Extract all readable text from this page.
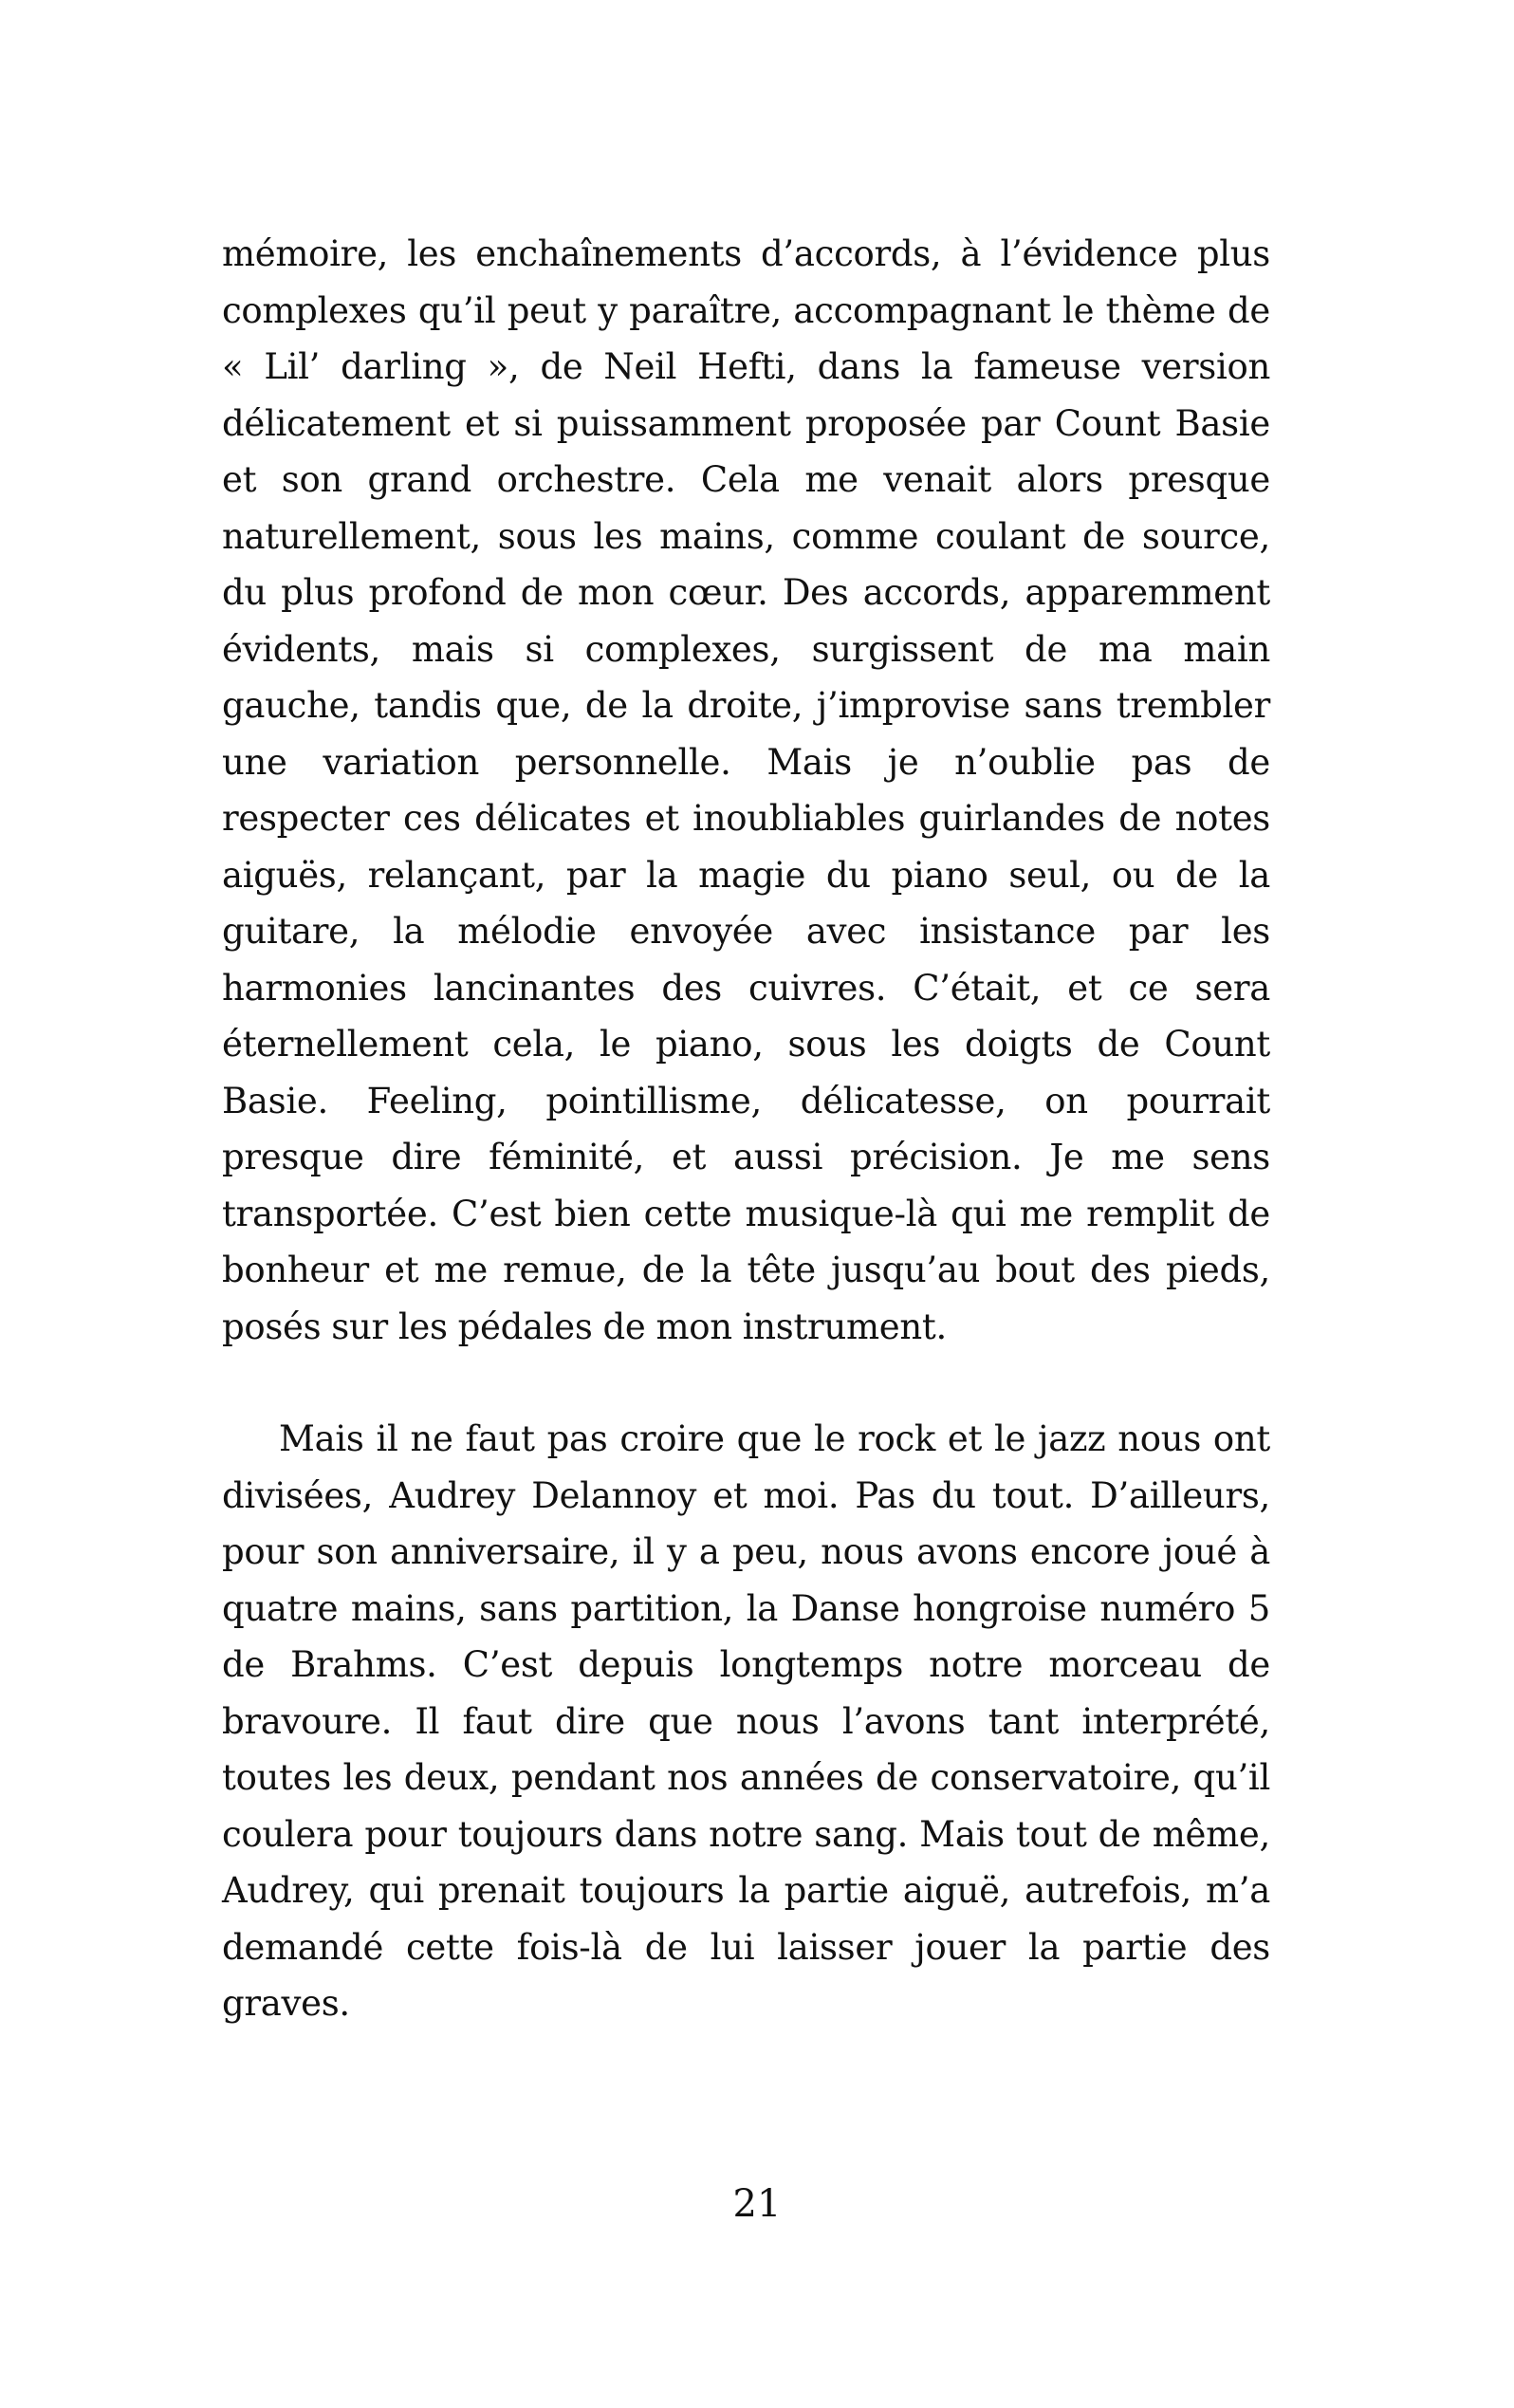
mémoire, les enchaînements d’accords, à l’évidence plus complexes qu’il peut y paraître, accompagnant le thème de « Lil’ darling », de Neil Hefti, dans la fameuse version délicatement et si puissamment proposée par Count Basie et son grand orchestre. Cela me venait alors presque naturellement, sous les mains, comme coulant de source, du plus profond de mon cœur. Des accords, apparemment évidents, mais si complexes, surgissent de ma main gauche, tandis que, de la droite, j’improvise sans trembler une variation personnelle. Mais je n’oublie pas de respecter ces délicates et inoubliables guirlandes de notes aiguës, relançant, par la magie du piano seul, ou de la guitare, la mélodie envoyée avec insistance par les harmonies lancinantes des cuivres. C’était, et ce sera éternellement cela, le piano, sous les doigts de Count Basie. Feeling, pointillisme, délicatesse, on pourrait presque dire féminité, et aussi précision. Je me sens transportée. C’est bien cette musique-là qui me remplit de bonheur et me remue, de la tête jusqu’au bout des pieds, posés sur les pédales de mon instrument.

Mais il ne faut pas croire que le rock et le jazz nous ont divisées, Audrey Delannoy et moi. Pas du tout. D’ailleurs, pour son anniversaire, il y a peu, nous avons encore joué à quatre mains, sans partition, la Danse hongroise numéro 5 de Brahms. C’est depuis longtemps notre morceau de bravoure. Il faut dire que nous l’avons tant interprété, toutes les deux, pendant nos années de conservatoire, qu’il coulera pour toujours dans notre sang. Mais tout de même, Audrey, qui prenait toujours la partie aiguë, autrefois, m’a demandé cette fois-là de lui laisser jouer la partie des graves.

21
